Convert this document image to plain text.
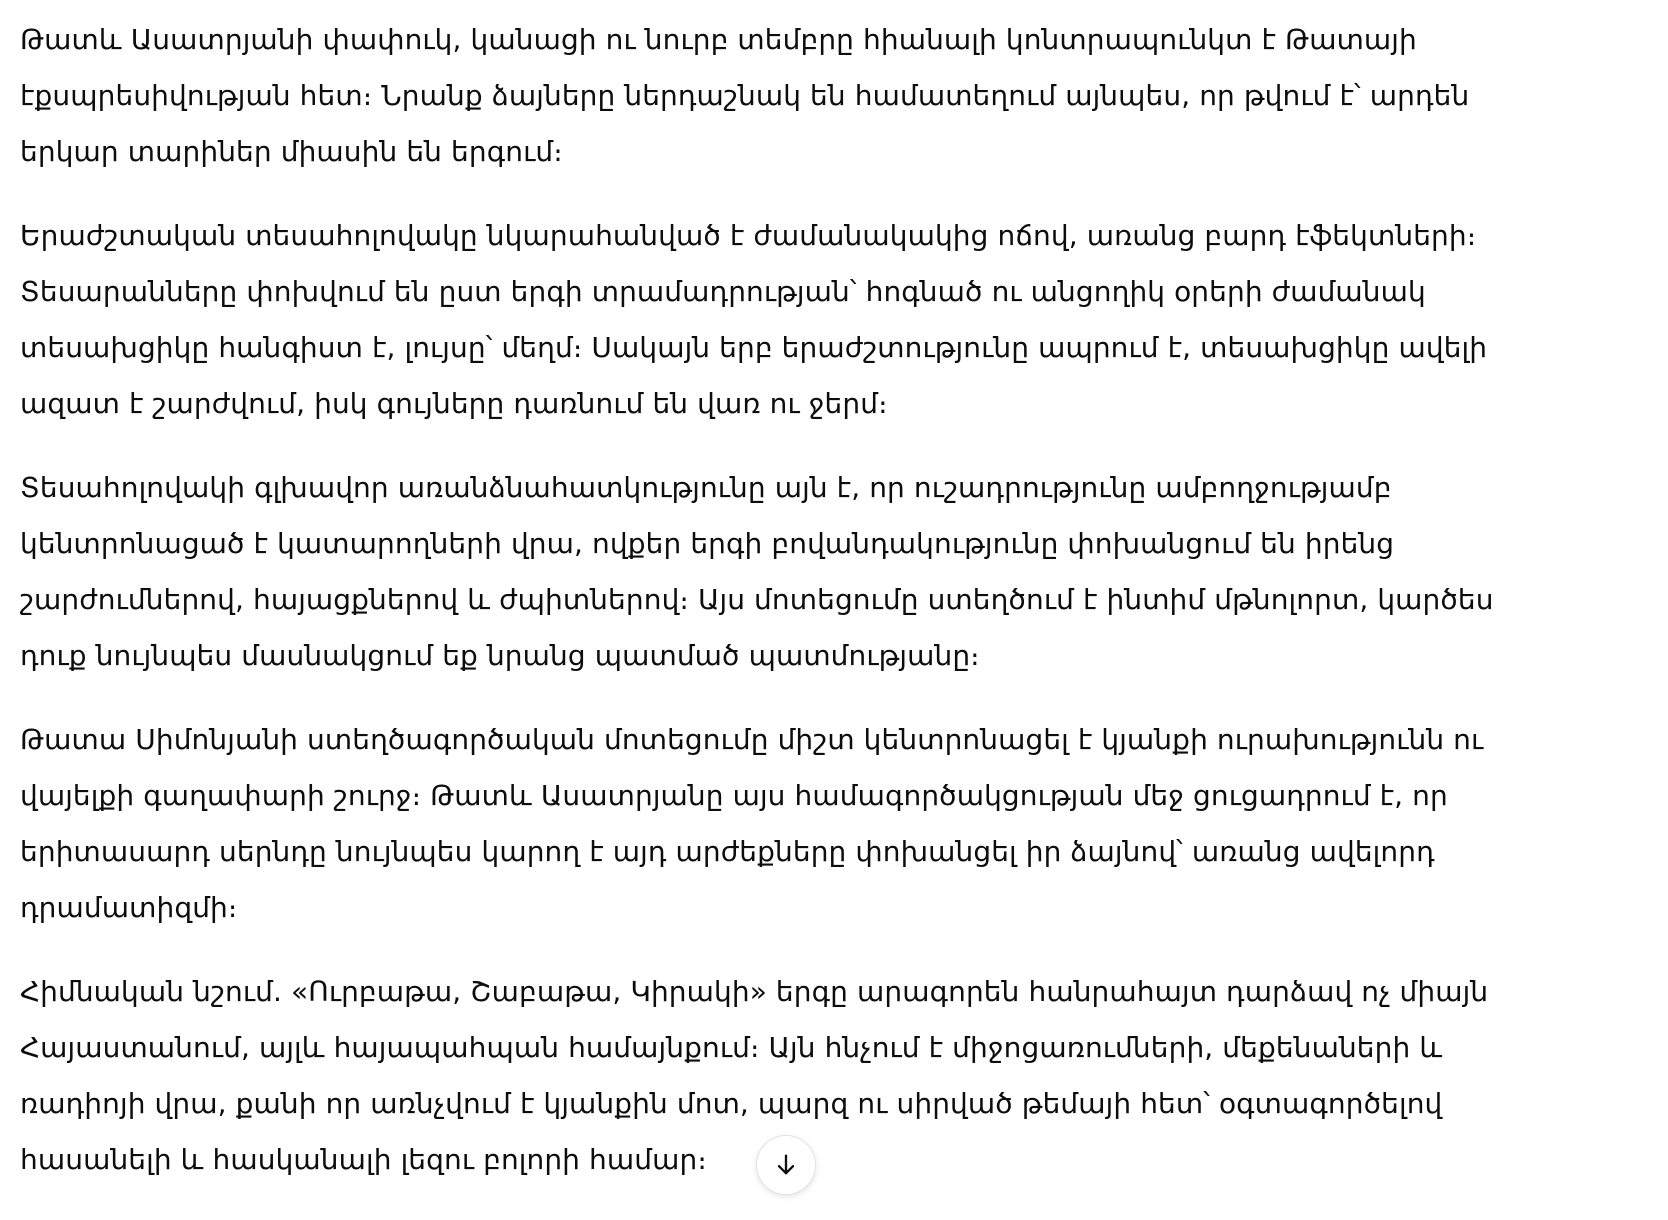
Թատև Ասատրյանի փափուկ, կանացի ու նուրբ տեմբրը հիանալի կոնտրապունկտ է Թատայի
էքսպրեսիվության հետ։ Նրանք ձայները ներդաշնակ են համատեղում այնպես, որ թվում է՝ արդեն
երկար տարիներ միասին են երգում։

Երաժշտական տեսահոլովակը նկարահանված է ժամանակակից ոճով, առանց բարդ էֆեկտների։
Տեսարանները փոխվում են ըստ երգի տրամադրության՝ հոգնած ու անցողիկ օրերի ժամանակ
տեսախցիկը հանգիստ է, լույսը՝ մեղմ։ Սակայն երբ երաժշտությունը ապրում է, տեսախցիկը ավելի
ազատ է շարժվում, իսկ գույները դառնում են վառ ու ջերմ։

Տեսահոլովակի գլխավոր առանձնահատկությունը այն է, որ ուշադրությունը ամբողջությամբ
կենտրոնացած է կատարողների վրա, ովքեր երգի բովանդակությունը փոխանցում են իրենց
շարժումներով, հայացքներով և ժպիտներով։ Այս մոտեցումը ստեղծում է ինտիմ մթնոլորտ, կարծես
դուք նույնպես մասնակցում եք նրանց պատմած պատմությանը։

Թատա Սիմոնյանի ստեղծագործական մոտեցումը միշտ կենտրոնացել է կյանքի ուրախությունն ու
վայելքի գաղափարի շուրջ։ Թատև Ասատրյանը այս համագործակցության մեջ ցուցադրում է, որ
երիտասարդ սերնդը նույնպես կարող է այդ արժեքները փոխանցել իր ձայնով՝ առանց ավելորդ
դրամատիզմի։

Հիմնական նշում. «Ուրբաթա, Շաբաթա, Կիրակի» երգը արագորեն հանրահայտ դարձավ ոչ միայն
Հայաստանում, այլև հայապահպան համայնքում։ Այն հնչում է միջոցառումների, մեքենաների և
ռադիոյի վրա, քանի որ առնչվում է կյանքին մոտ, պարզ ու սիրված թեմայի հետ՝ օգտագործելով
հասանելի և հասկանալի լեզու բոլորի համար։
